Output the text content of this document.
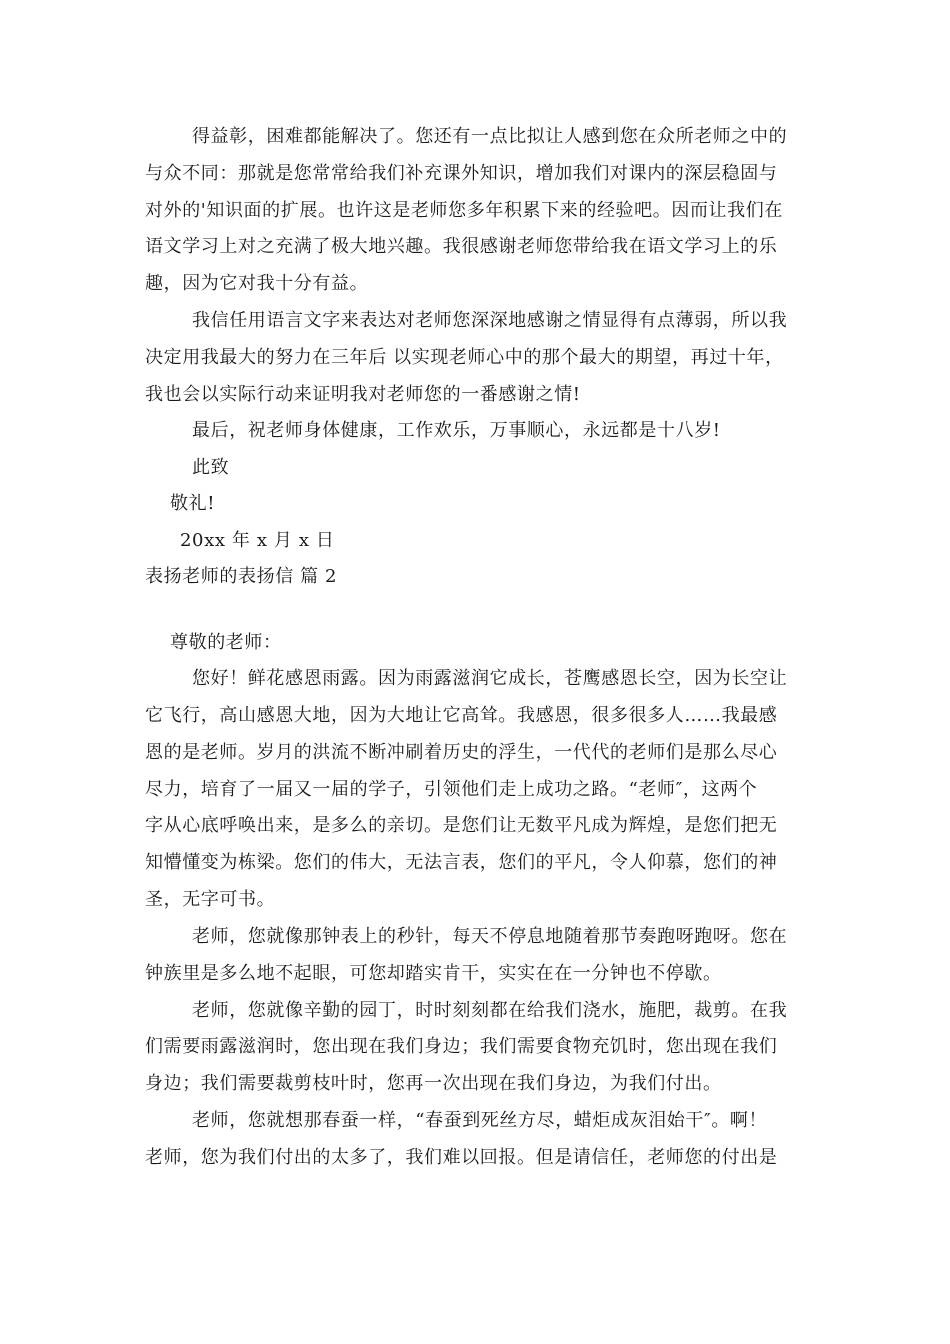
得益彰，困难都能解决了。您还有一点比拟让人感到您在众所老师之中的
与众不同：那就是您常常给我们补充课外知识，增加我们对课内的深层稳固与
对外的'知识面的扩展。也许这是老师您多年积累下来的经验吧。因而让我们在
语文学习上对之充满了极大地兴趣。我很感谢老师您带给我在语文学习上的乐
趣，因为它对我十分有益。
我信任用语言文字来表达对老师您深深地感谢之情显得有点薄弱，所以我
决定用我最大的努力在三年后 以实现老师心中的那个最大的期望，再过十年，
我也会以实际行动来证明我对老师您的一番感谢之情!
最后，祝老师身体健康，工作欢乐，万事顺心，永远都是十八岁!
此致
敬礼!
20xx 年 x 月 x 日
表扬老师的表扬信 篇 2
尊敬的老师：
您好！鲜花感恩雨露。因为雨露滋润它成长，苍鹰感恩长空，因为长空让
它飞行，高山感恩大地，因为大地让它高耸。我感恩，很多很多人……我最感
恩的是老师。岁月的洪流不断冲刷着历史的浮生，一代代的老师们是那么尽心
尽力，培育了一届又一届的学子，引领他们走上成功之路。“老师″，这两个
字从心底呼唤出来，是多么的亲切。是您们让无数平凡成为辉煌，是您们把无
知懵懂变为栋梁。您们的伟大，无法言表，您们的平凡，令人仰慕，您们的神
圣，无字可书。
老师，您就像那钟表上的秒针，每天不停息地随着那节奏跑呀跑呀。您在
钟族里是多么地不起眼，可您却踏实肯干，实实在在一分钟也不停歇。
老师，您就像辛勤的园丁，时时刻刻都在给我们浇水，施肥，裁剪。在我
们需要雨露滋润时，您出现在我们身边；我们需要食物充饥时，您出现在我们
身边；我们需要裁剪枝叶时，您再一次出现在我们身边，为我们付出。
老师，您就想那春蚕一样，“春蚕到死丝方尽，蜡炬成灰泪始干″。啊！
老师，您为我们付出的太多了，我们难以回报。但是请信任，老师您的付出是
